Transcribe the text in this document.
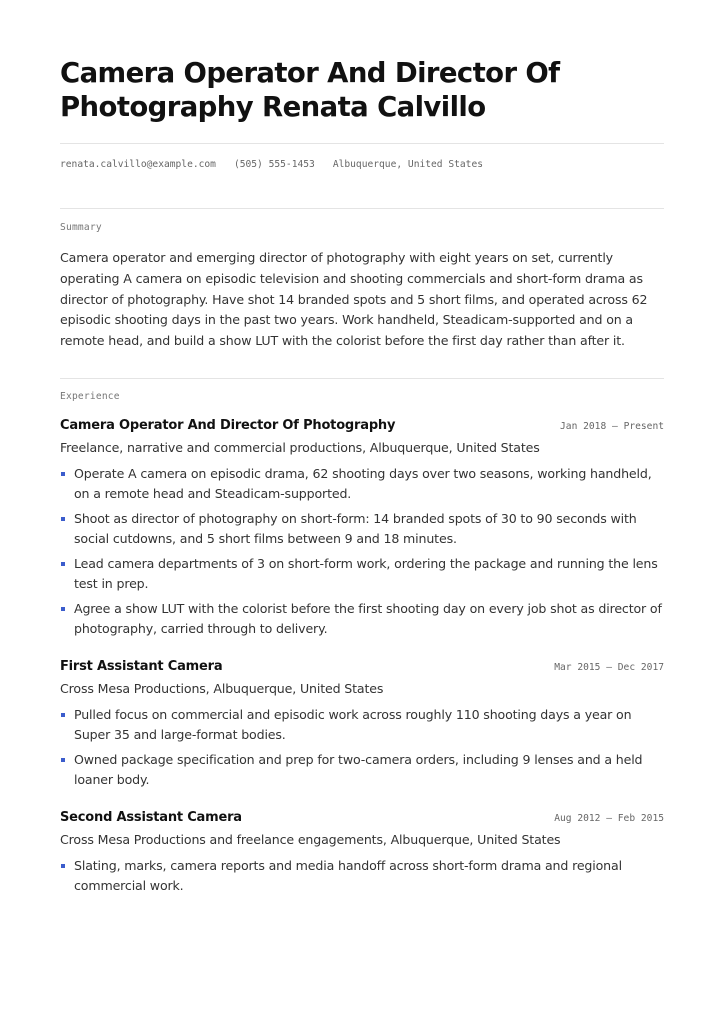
Camera Operator And Director Of Photography Renata Calvillo
renata.calvillo@example.com (505) 555-1453 Albuquerque, United States
Summary
Camera operator and emerging director of photography with eight years on set, currently operating A camera on episodic television and shooting commercials and short-form drama as director of photography. Have shot 14 branded spots and 5 short films, and operated across 62 episodic shooting days in the past two years. Work handheld, Steadicam-supported and on a remote head, and build a show LUT with the colorist before the first day rather than after it.
Experience
Camera Operator And Director Of Photography	Jan 2018 — Present
Freelance, narrative and commercial productions, Albuquerque, United States
Operate A camera on episodic drama, 62 shooting days over two seasons, working handheld, on a remote head and Steadicam-supported.
Shoot as director of photography on short-form: 14 branded spots of 30 to 90 seconds with social cutdowns, and 5 short films between 9 and 18 minutes.
Lead camera departments of 3 on short-form work, ordering the package and running the lens test in prep.
Agree a show LUT with the colorist before the first shooting day on every job shot as director of photography, carried through to delivery.
First Assistant Camera	Mar 2015 — Dec 2017
Cross Mesa Productions, Albuquerque, United States
Pulled focus on commercial and episodic work across roughly 110 shooting days a year on Super 35 and large-format bodies.
Owned package specification and prep for two-camera orders, including 9 lenses and a held loaner body.
Second Assistant Camera	Aug 2012 — Feb 2015
Cross Mesa Productions and freelance engagements, Albuquerque, United States
Slating, marks, camera reports and media handoff across short-form drama and regional commercial work.
